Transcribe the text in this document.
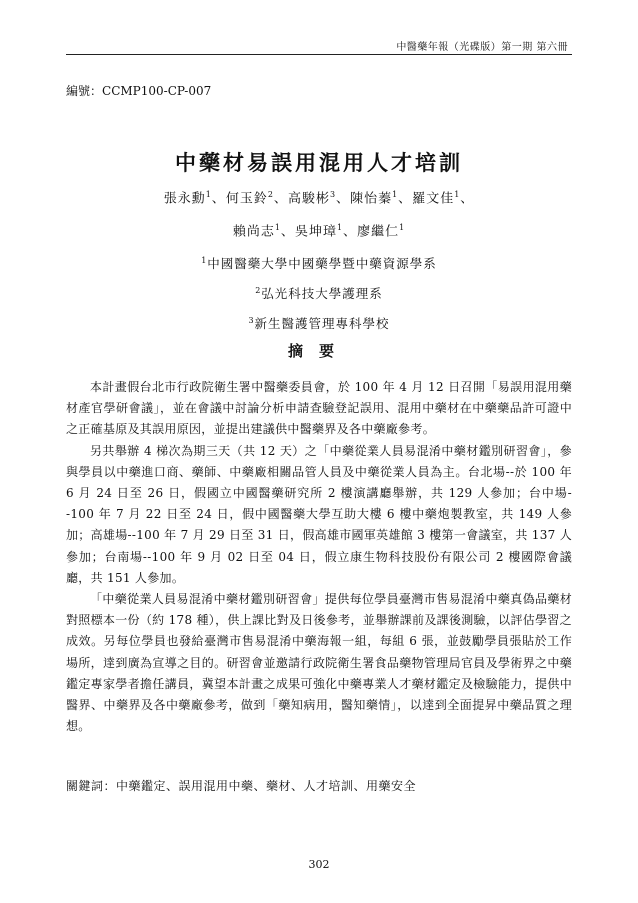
中醫藥年報（光碟版）第一期 第六冊
編號：CCMP100-CP-007
中藥材易誤用混用人才培訓
張永勳$^1$、何玉鈴$^2$、高駿彬$^3$、陳怡蓁$^1$、羅文佳$^1$、
賴尚志$^1$、吳坤璋$^1$、廖繼仁$^1$
$^1$中國醫藥大學中國藥學暨中藥資源學系
$^2$弘光科技大學護理系
$^3$新生醫護管理專科學校
摘要

本計畫假台北市行政院衛生署中醫藥委員會，於 100 年 4 月 12 日召開「易誤用混用藥材產官學研會議」，並在會議中討論分析申請查驗登記誤用、混用中藥材在中藥藥品許可證中之正確基原及其誤用原因，並提出建議供中醫藥界及各中藥廠參考。

另共舉辦 4 梯次為期三天（共 12 天）之「中藥從業人員易混淆中藥材鑑別研習會」，參與學員以中藥進口商、藥師、中藥廠相關品管人員及中藥從業人員為主。台北場--於 100 年 6 月 24 日至 26 日，假國立中國醫藥研究所 2 樓演講廳舉辦，共 129 人參加；台中場--100 年 7 月 22 日至 24 日，假中國醫藥大學互助大樓 6 樓中藥炮製教室，共 149 人參加；高雄場--100 年 7 月 29 日至 31 日，假高雄市國軍英雄館 3 樓第一會議室，共 137 人參加；台南場--100 年 9 月 02 日至 04 日，假立康生物科技股份有限公司 2 樓國際會議廳，共 151 人參加。

「中藥從業人員易混淆中藥材鑑別研習會」提供每位學員臺灣市售易混淆中藥真偽品藥材對照標本一份（約 178 種），供上課比對及日後參考，並舉辦課前及課後測驗，以評估學習之成效。另每位學員也發給臺灣市售易混淆中藥海報一組，每組 6 張，並鼓勵學員張貼於工作場所，達到廣為宣導之目的。研習會並邀請行政院衛生署食品藥物管理局官員及學術界之中藥鑑定專家學者擔任講員，冀望本計畫之成果可強化中藥專業人才藥材鑑定及檢驗能力，提供中醫界、中藥界及各中藥廠參考，做到「藥知病用，醫知藥情」，以達到全面提昇中藥品質之理想。

關鍵詞：中藥鑑定、誤用混用中藥、藥材、人才培訓、用藥安全
302
